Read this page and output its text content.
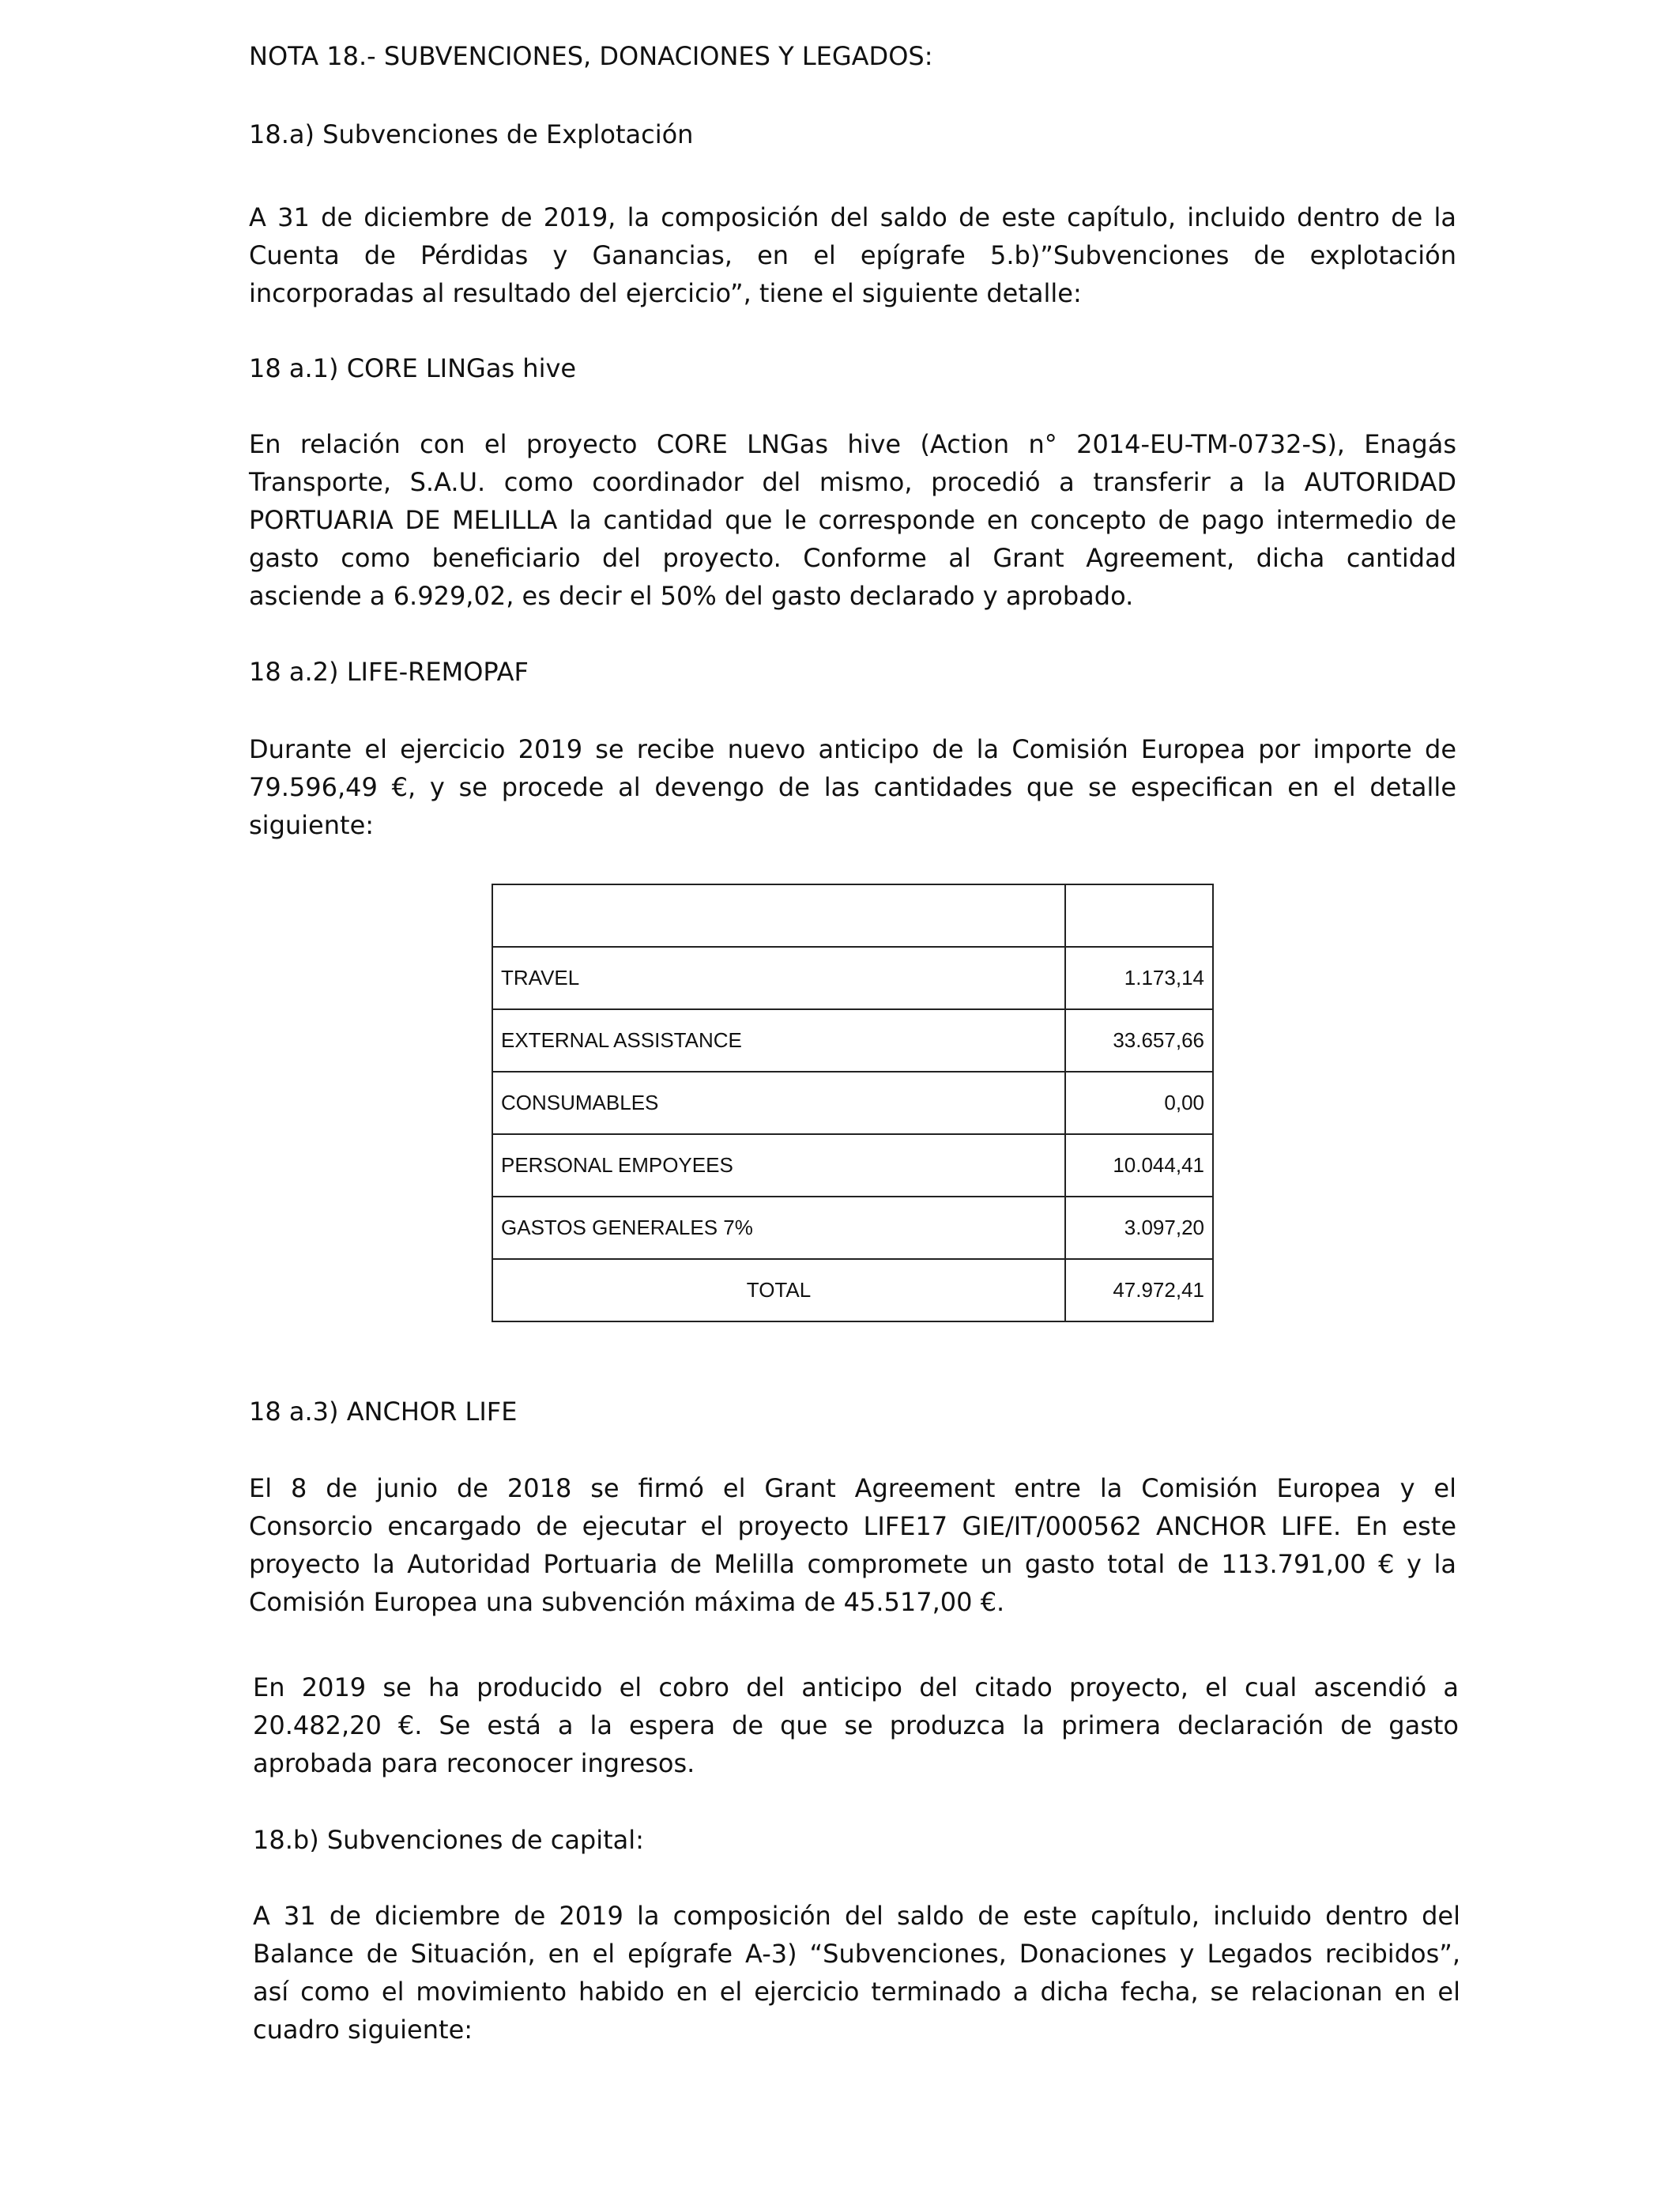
NOTA 18.- SUBVENCIONES, DONACIONES Y LEGADOS:
18.a) Subvenciones de Explotación
A 31 de diciembre de 2019, la composición del saldo de este capítulo, incluido dentro de la
Cuenta de Pérdidas y Ganancias, en el epígrafe 5.b)”Subvenciones de explotación
incorporadas al resultado del ejercicio”, tiene el siguiente detalle:
18 a.1) CORE LINGas hive
En relación con el proyecto CORE LNGas hive (Action n° 2014-EU-TM-0732-S), Enagás
Transporte, S.A.U. como coordinador del mismo, procedió a transferir a la AUTORIDAD
PORTUARIA DE MELILLA la cantidad que le corresponde en concepto de pago intermedio de
gasto como beneficiario del proyecto. Conforme al Grant Agreement, dicha cantidad
asciende a 6.929,02, es decir el 50% del gasto declarado y aprobado.
18 a.2) LIFE-REMOPAF
Durante el ejercicio 2019 se recibe nuevo anticipo de la Comisión Europea por importe de
79.596,49 €, y se procede al devengo de las cantidades que se especifican en el detalle
siguiente:

TRAVEL	1.173,14
EXTERNAL ASSISTANCE	33.657,66
CONSUMABLES	0,00
PERSONAL EMPOYEES	10.044,41
GASTOS GENERALES 7%	3.097,20
TOTAL	47.972,41
18 a.3) ANCHOR LIFE
El 8 de junio de 2018 se firmó el Grant Agreement entre la Comisión Europea y el
Consorcio encargado de ejecutar el proyecto LIFE17 GIE/IT/000562 ANCHOR LIFE. En este
proyecto la Autoridad Portuaria de Melilla compromete un gasto total de 113.791,00 € y la
Comisión Europea una subvención máxima de 45.517,00 €.
En 2019 se ha producido el cobro del anticipo del citado proyecto, el cual ascendió a
20.482,20 €. Se está a la espera de que se produzca la primera declaración de gasto
aprobada para reconocer ingresos.
18.b) Subvenciones de capital:
A 31 de diciembre de 2019 la composición del saldo de este capítulo, incluido dentro del
Balance de Situación, en el epígrafe A-3) “Subvenciones, Donaciones y Legados recibidos”,
así como el movimiento habido en el ejercicio terminado a dicha fecha, se relacionan en el
cuadro siguiente:
